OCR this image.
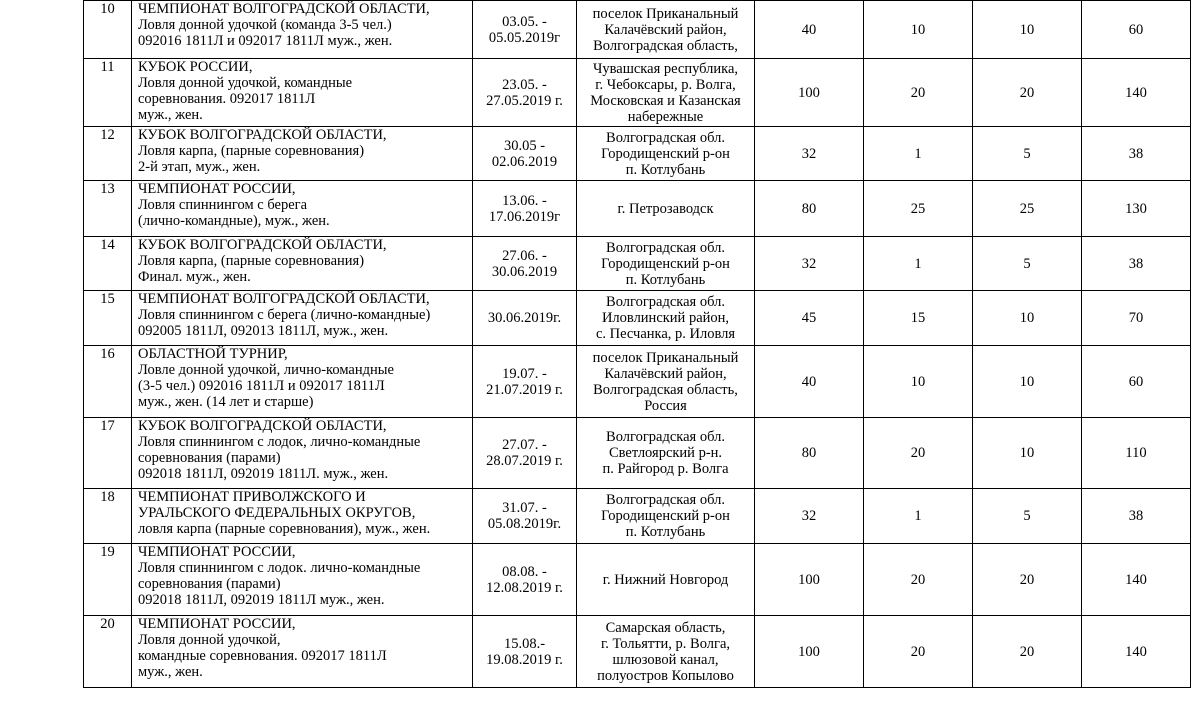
10	ЧЕМПИОНАТ ВОЛГОГРАДСКОЙ ОБЛАСТИ,
Ловля донной удочкой (команда 3-5 чел.)
092016 1811Л и 092017 1811Л муж., жен.	03.05. -
05.05.2019г	поселок Приканальный
Калачёвский район,
Волгоградская область,	40	10	10	60
11	КУБОК РОССИИ,
Ловля донной удочкой, командные
соревнования. 092017 1811Л
муж., жен.	23.05. -
27.05.2019 г.	Чувашская республика,
г. Чебоксары, р. Волга,
Московская и Казанская
набережные	100	20	20	140
12	КУБОК ВОЛГОГРАДСКОЙ ОБЛАСТИ,
Ловля карпа, (парные соревнования)
2-й этап, муж., жен.	30.05 -
02.06.2019	Волгоградская обл.
Городищенский р-он
п. Котлубань	32	1	5	38
13	ЧЕМПИОНАТ РОССИИ,
Ловля спиннингом с берега
(лично-командные), муж., жен.	13.06. -
17.06.2019г	г. Петрозаводск	80	25	25	130
14	КУБОК ВОЛГОГРАДСКОЙ ОБЛАСТИ,
Ловля карпа, (парные соревнования)
Финал. муж., жен.	27.06. -
30.06.2019	Волгоградская обл.
Городищенский р-он
п. Котлубань	32	1	5	38
15	ЧЕМПИОНАТ ВОЛГОГРАДСКОЙ ОБЛАСТИ,
Ловля спиннингом с берега (лично-командные)
092005 1811Л, 092013 1811Л, муж., жен.	30.06.2019г.	Волгоградская обл.
Иловлинский район,
с. Песчанка, р. Иловля	45	15	10	70
16	ОБЛАСТНОЙ ТУРНИР,
Ловле донной удочкой, лично-командные
(3-5 чел.) 092016 1811Л и 092017 1811Л
муж., жен. (14 лет и старше)	19.07. -
21.07.2019 г.	поселок Приканальный
Калачёвский район,
Волгоградская область,
Россия	40	10	10	60
17	КУБОК ВОЛГОГРАДСКОЙ ОБЛАСТИ,
Ловля спиннингом с лодок, лично-командные
соревнования (парами)
092018 1811Л, 092019 1811Л. муж., жен.	27.07. -
28.07.2019 г.	Волгоградская обл.
Светлоярский р-н.
п. Райгород р. Волга	80	20	10	110
18	ЧЕМПИОНАТ ПРИВОЛЖСКОГО И
УРАЛЬСКОГО ФЕДЕРАЛЬНЫХ ОКРУГОВ,
ловля карпа (парные соревнования), муж., жен.	31.07. -
05.08.2019г.	Волгоградская обл.
Городищенский р-он
п. Котлубань	32	1	5	38
19	ЧЕМПИОНАТ РОССИИ,
Ловля спиннингом с лодок. лично-командные
соревнования (парами)
092018 1811Л, 092019 1811Л муж., жен.	08.08. -
12.08.2019 г.	г. Нижний Новгород	100	20	20	140
20	ЧЕМПИОНАТ РОССИИ,
Ловля донной удочкой,
командные соревнования. 092017 1811Л
муж., жен.	15.08.-
19.08.2019 г.	Самарская область,
г. Тольятти, р. Волга,
шлюзовой канал,
полуостров Копылово	100	20	20	140
